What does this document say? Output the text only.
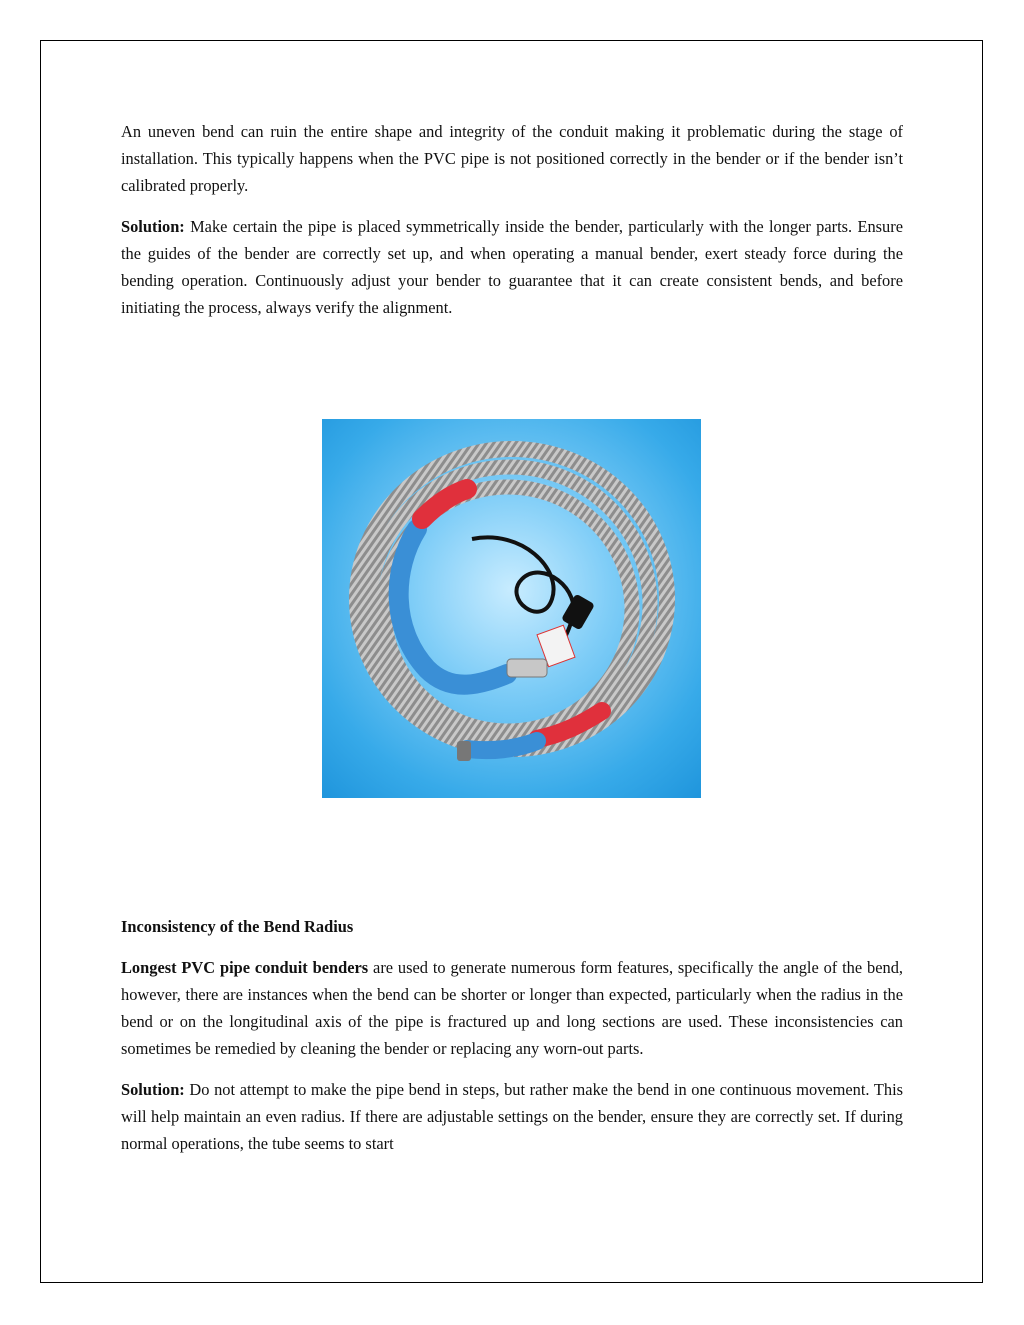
An uneven bend can ruin the entire shape and integrity of the conduit making it problematic during the stage of installation. This typically happens when the PVC pipe is not positioned correctly in the bender or if the bender isn’t calibrated properly.

Solution: Make certain the pipe is placed symmetrically inside the bender, particularly with the longer parts. Ensure the guides of the bender are correctly set up, and when operating a manual bender, exert steady force during the bending operation. Continuously adjust your bender to guarantee that it can create consistent bends, and before initiating the process, always verify the alignment.

Inconsistency of the Bend Radius

Longest PVC pipe conduit benders are used to generate numerous form features, specifically the angle of the bend, however, there are instances when the bend can be shorter or longer than expected, particularly when the radius in the bend or on the longitudinal axis of the pipe is fractured up and long sections are used. These inconsistencies can sometimes be remedied by cleaning the bender or replacing any worn-out parts.

Solution: Do not attempt to make the pipe bend in steps, but rather make the bend in one continuous movement. This will help maintain an even radius. If there are adjustable settings on the bender, ensure they are correctly set. If during normal operations, the tube seems to start
